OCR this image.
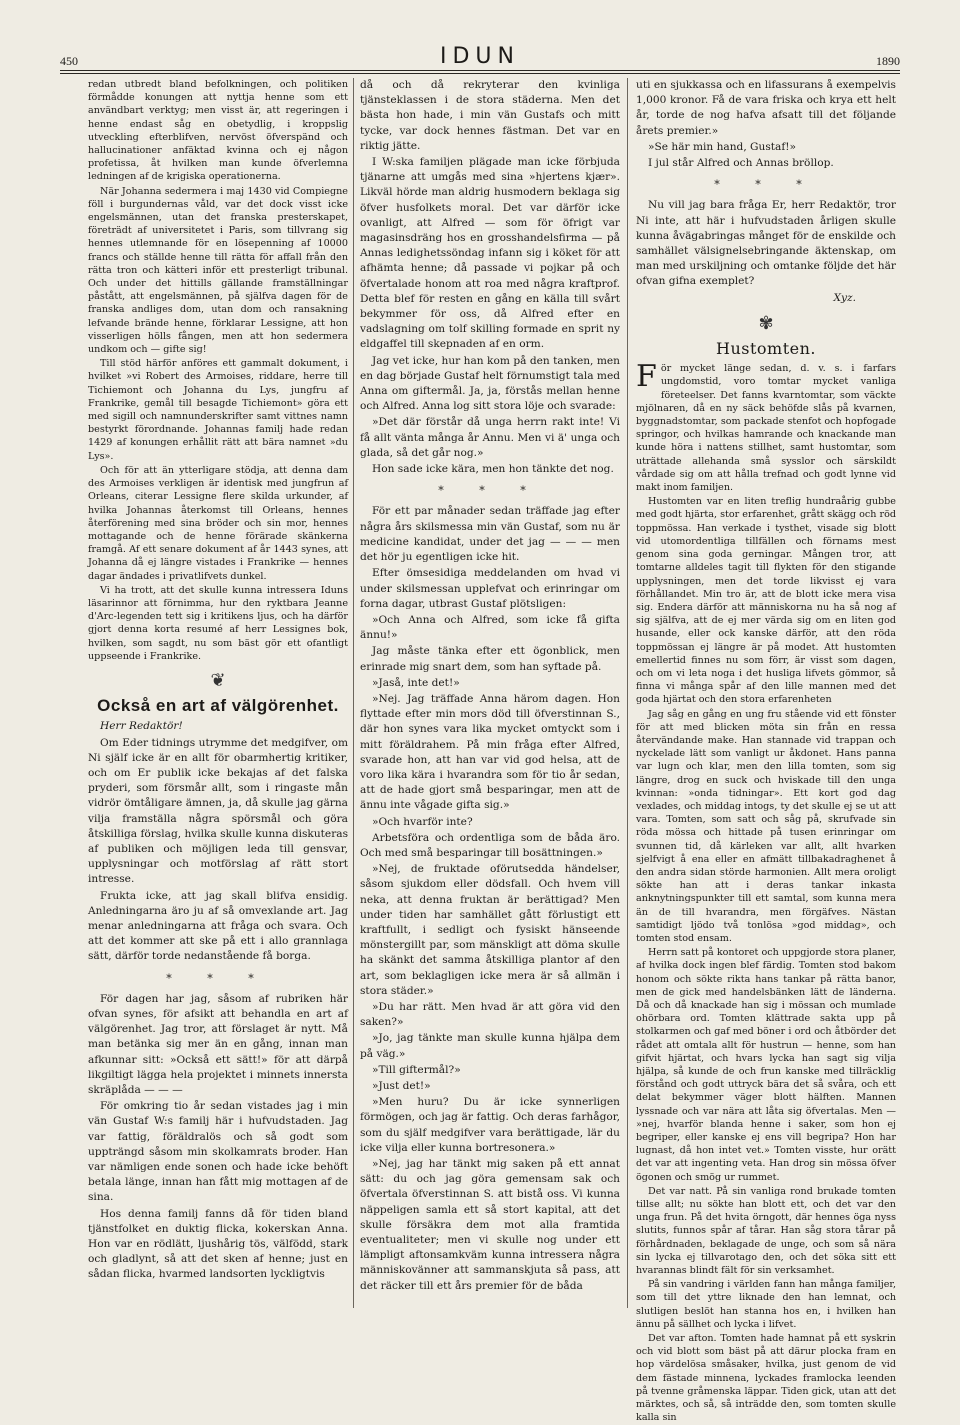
450	IDUN	1890

redan utbredt bland befolkningen, och politiken förmådde konungen att nyttja henne som ett användbart verktyg; men visst är, att regeringen i henne endast såg en obetydlig, i kroppslig utveckling efterblifven, nervöst öfverspänd och hallucinationer anfäktad kvinna och ej någon profetissa, åt hvilken man kunde öfverlemna ledningen af de krigiska operationerna.

När Johanna sedermera i maj 1430 vid Compiegne föll i burgundernas våld, var det dock visst icke engelsmännen, utan det franska presterskapet, företrädt af universitetet i Paris, som tillvrang sig hennes utlemnande för en lösepenning af 10000 francs och ställde henne till rätta för affall från den rätta tron och kätteri inför ett presterligt tribunal. Och under det hittills gällande framställningar påstått, att engelsmännen, på själfva dagen för de franska andliges dom, utan dom och ransakning lefvande brände henne, förklarar Lessigne, att hon visserligen hölls fången, men att hon sedermera undkom och — gifte sig!

Till stöd härför anföres ett gammalt dokument, i hvilket »vi Robert des Armoises, riddare, herre till Tichiemont och Johanna du Lys, jungfru af Frankrike, gemål till besagde Tichiemont» göra ett med sigill och namnunderskrifter samt vittnes namn bestyrkt förordnande. Johannas familj hade redan 1429 af konungen erhållit rätt att bära namnet »du Lys».

Och för att än ytterligare stödja, att denna dam des Armoises verkligen är identisk med jungfrun af Orleans, citerar Lessigne flere skilda urkunder, af hvilka Johannas återkomst till Orleans, hennes återförening med sina bröder och sin mor, hennes mottagande och de henne förärade skänkerna framgå. Af ett senare dokument af år 1443 synes, att Johanna då ej längre vistades i Frankrike — hennes dagar ändades i privatlifvets dunkel.

Vi ha trott, att det skulle kunna intressera Iduns läsarinnor att förnimma, hur den ryktbara Jeanne d'Arc-legenden tett sig i kritikens ljus, och ha därför gjort denna korta resumé af herr Lessignes bok, hvilken, som sagdt, nu som bäst gör ett ofantligt uppseende i Frankrike.

❦
Också en art af välgörenhet.

Herr Redaktör!

Om Eder tidnings utrymme det medgifver, om Ni själf icke är en allt för obarmhertig kritiker, och om Er publik icke bekajas af det falska pryderi, som försmår allt, som i ringaste mån vidrör ömtåligare ämnen, ja, då skulle jag gärna vilja framställa några spörsmål och göra åtskilliga förslag, hvilka skulle kunna diskuteras af publiken och möjligen leda till gensvar, upplysningar och motförslag af rätt stort intresse.

Frukta icke, att jag skall blifva ensidig. Anledningarna äro ju af så omvexlande art. Jag menar anledningarna att fråga och svara. Och att det kommer att ske på ett i allo grannlaga sätt, därför torde nedanstående få borga.

* * *

För dagen har jag, såsom af rubriken här ofvan synes, för afsikt att behandla en art af välgörenhet. Jag tror, att förslaget är nytt. Må man betänka sig mer än en gång, innan man afkunnar sitt: »Också ett sätt!» för att därpå likgiltigt lägga hela projektet i minnets innersta skräplåda — — —

För omkring tio år sedan vistades jag i min vän Gustaf W:s familj här i hufvudstaden. Jag var fattig, föräldralös och så godt som uppträngd såsom min skolkamrats broder. Han var nämligen ende sonen och hade icke behöft betala länge, innan han fått mig mottagen af de sina.

Hos denna familj fanns då för tiden bland tjänstfolket en duktig flicka, kokerskan Anna. Hon var en rödlätt, ljushårig tös, välfödd, stark och gladlynt, så att det sken af henne; just en sådan flicka, hvarmed landsorten lyckligtvis

då och då rekryterar den kvinliga tjänsteklassen i de stora städerna. Men det bästa hon hade, i min vän Gustafs och mitt tycke, var dock hennes fästman. Det var en riktig jätte.

I W:ska familjen plägade man icke förbjuda tjänarne att umgås med sina »hjertens kjær». Likväl hörde man aldrig husmodern beklaga sig öfver husfolkets moral. Det var därför icke ovanligt, att Alfred — som för öfrigt var magasinsdräng hos en grosshandelsfirma — på Annas ledighetssöndag infann sig i köket för att afhämta henne; då passade vi pojkar på och öfvertalade honom att roa med några kraftprof. Detta blef för resten en gång en källa till svårt bekymmer för oss, då Alfred efter en vadslagning om tolf skilling formade en sprit ny eldgaffel till skepnaden af en orm.

Jag vet icke, hur han kom på den tanken, men en dag började Gustaf helt förnumstigt tala med Anna om giftermål. Ja, ja, förstås mellan henne och Alfred. Anna log sitt stora löje och svarade:

»Det där förstår då unga herrn rakt inte! Vi få allt vänta många år Annu. Men vi ä' unga och glada, så det går nog.»

Hon sade icke kära, men hon tänkte det nog.

* * *

För ett par månader sedan träffade jag efter några års skilsmessa min vän Gustaf, som nu är medicine kandidat, under det jag — — — men det hör ju egentligen icke hit.

Efter ömsesidiga meddelanden om hvad vi under skilsmessan upplefvat och erinringar om forna dagar, utbrast Gustaf plötsligen:

»Och Anna och Alfred, som icke få gifta ännu!»

Jag måste tänka efter ett ögonblick, men erinrade mig snart dem, som han syftade på.

»Jaså, inte det!»

»Nej. Jag träffade Anna härom dagen. Hon flyttade efter min mors död till öfverstinnan S., där hon synes vara lika mycket omtyckt som i mitt föräldrahem. På min fråga efter Alfred, svarade hon, att han var vid god helsa, att de voro lika kära i hvarandra som för tio år sedan, att de hade gjort små besparingar, men att de ännu inte vågade gifta sig.»

»Och hvarför inte?

Arbetsföra och ordentliga som de båda äro. Och med små besparingar till bosättningen.»

»Nej, de fruktade oförutsedda händelser, såsom sjukdom eller dödsfall. Och hvem vill neka, att denna fruktan är berättigad? Men under tiden har samhället gått förlustigt ett kraftfullt, i sedligt och fysiskt hänseende mönstergillt par, som mänskligt att döma skulle ha skänkt det samma åtskilliga plantor af den art, som beklagligen icke mera är så allmän i stora städer.»

»Du har rätt. Men hvad är att göra vid den saken?»

»Jo, jag tänkte man skulle kunna hjälpa dem på väg.»

»Till giftermål?»

»Just det!»

»Men huru? Du är icke synnerligen förmögen, och jag är fattig. Och deras farhågor, som du själf medgifver vara berättigade, lär du icke vilja eller kunna bortresonera.»

»Nej, jag har tänkt mig saken på ett annat sätt: du och jag göra gemensam sak och öfvertala öfverstinnan S. att bistå oss. Vi kunna näppeligen samla ett så stort kapital, att det skulle försäkra dem mot alla framtida eventualiteter; men vi skulle nog under ett lämpligt aftonsamkväm kunna intressera några människovänner att sammanskjuta så pass, att det räcker till ett års premier för de båda

uti en sjukkassa och en lifassurans å exempelvis 1,000 kronor. Få de vara friska och krya ett helt år, torde de nog hafva afsatt till det följande årets premier.»

»Se här min hand, Gustaf!»

I jul står Alfred och Annas bröllop.

* * *

Nu vill jag bara fråga Er, herr Redaktör, tror Ni inte, att här i hufvudstaden årligen skulle kunna åvägabringas månget för de enskilde och samhället välsignelsebringande äktenskap, om man med urskiljning och omtanke följde det här ofvan gifna exemplet?

Xyz.
✾
Hustomten.

För mycket länge sedan, d. v. s. i farfars ungdomstid, voro tomtar mycket vanliga företeelser. Det fanns kvarntomtar, som väckte mjölnaren, då en ny säck behöfde slås på kvarnen, byggnadstomtar, som packade stenfot och hopfogade springor, och hvilkas hamrande och knackande man kunde höra i nattens stillhet, samt hustomtar, som uträttade allehanda små sysslor och särskildt vårdade sig om att hålla trefnad och godt lynne vid makt inom familjen.

Hustomten var en liten treflig hundraårig gubbe med godt hjärta, stor erfarenhet, grått skägg och röd toppmössa. Han verkade i tysthet, visade sig blott vid utomordentliga tillfällen och förnams mest genom sina goda gerningar. Mången tror, att tomtarne alldeles tagit till flykten för den stigande upplysningen, men det torde likvisst ej vara förhållandet. Min tro är, att de blott icke mera visa sig. Endera därför att människorna nu ha så nog af sig själfva, att de ej mer värda sig om en liten god husande, eller ock kanske därför, att den röda toppmössan ej längre är på modet. Att hustomten emellertid finnes nu som förr, är visst som dagen, och om vi leta noga i det husliga lifvets gömmor, så finna vi många spår af den lille mannen med det goda hjärtat och den stora erfarenheten

Jag såg en gång en ung fru stående vid ett fönster för att med blicken möta sin från en ressa återvändande make. Han stannade vid trappan och nyckelade lätt som vanligt ur åkdonet. Hans panna var lugn och klar, men den lilla tomten, som sig längre, drog en suck och hviskade till den unga kvinnan: »onda tidningar». Ett kort god dag vexlades, och middag intogs, ty det skulle ej se ut att vara. Tomten, som satt och såg på, skrufvade sin röda mössa och hittade på tusen erinringar om svunnen tid, då kärleken var allt, allt hvarken sjelfvigt å ena eller en afmätt tillbakadraghenet å den andra sidan störde harmonien. Allt mera oroligt sökte han att i deras tankar inkasta anknytningspunkter till ett samtal, som kunna mera än de till hvarandra, men förgäfves. Nästan samtidigt ljödo två tonlösa »god middag», och tomten stod ensam.

Herrn satt på kontoret och uppgjorde stora planer, af hvilka dock ingen blef färdig. Tomten stod bakom honom och sökte rikta hans tankar på rätta banor, men de gick med handelsbänken lätt de länderna. Då och då knackade han sig i mössan och mumlade ohörbara ord. Tomten klättrade sakta upp på stolkarmen och gaf med böner i ord och åtbörder det rådet att omtala allt för hustrun — henne, som han gifvit hjärtat, och hvars lycka han sagt sig vilja hjälpa, så kunde de och frun kanske med tillräcklig förstånd och godt uttryck bära det så svåra, och ett delat bekymmer väger blott hälften. Mannen lyssnade och var nära att låta sig öfvertalas. Men — »nej, hvarför blanda henne i saker, som hon ej begriper, eller kanske ej ens vill begripa? Hon har lugnast, då hon intet vet.» Tomten visste, hur orätt det var att ingenting veta. Han drog sin mössa öfver ögonen och smög ur rummet.

Det var natt. På sin vanliga rond brukade tomten tillse allt; nu sökte han blott ett, och det var den unga frun. På det hvita örngott, där hennes öga nyss slutits, funnos spår af tårar. Han såg stora tårar på förhårdnaden, beklagade de unge, och som så nära sin lycka ej tillvarotago den, och det söka sitt ett hvarannas blindt fält för sin verksamhet.

På sin vandring i världen fann han många familjer, som till det yttre liknade den han lemnat, och slutligen beslöt han stanna hos en, i hvilken han ännu på sällhet och lycka i lifvet.

Det var afton. Tomten hade hamnat på ett syskrin och vid blott som bäst på att därur plocka fram en hop värdelösa småsaker, hvilka, just genom de vid dem fästade minnena, lyckades framlocka leenden på tvenne gråmenska läppar. Tiden gick, utan att det märktes, och så, så inträdde den, som tomten skulle kalla sin
